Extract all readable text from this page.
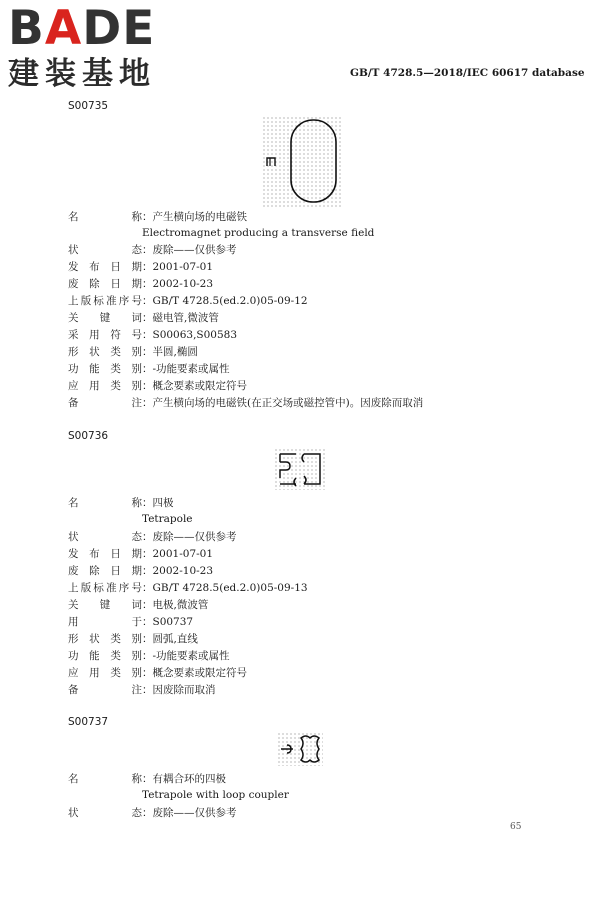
BADE
建装基地	GB/T 4728.5—2018/IEC 60617 database
S00735
名称：产生横向场的电磁铁
Electromagnet producing a transverse field
状态：废除——仅供参考
发布日期：2001-07-01
废除日期：2002-10-23
上版标准序号：GB/T 4728.5(ed.2.0)05-09-12
关键词：磁电管,微波管
采用符号：S00063,S00583
形状类别：半圆,椭圆
功能类别：-功能要素或属性
应用类别：概念要素或限定符号
备注：产生横向场的电磁铁(在正交场或磁控管中)。因废除而取消
S00736
名称：四极
Tetrapole
状态：废除——仅供参考
发布日期：2001-07-01
废除日期：2002-10-23
上版标准序号：GB/T 4728.5(ed.2.0)05-09-13
关键词：电极,微波管
用于：S00737
形状类别：圆弧,直线
功能类别：-功能要素或属性
应用类别：概念要素或限定符号
备注：因废除而取消
S00737
名称：有耦合环的四极
Tetrapole with loop coupler
状态：废除——仅供参考
65
